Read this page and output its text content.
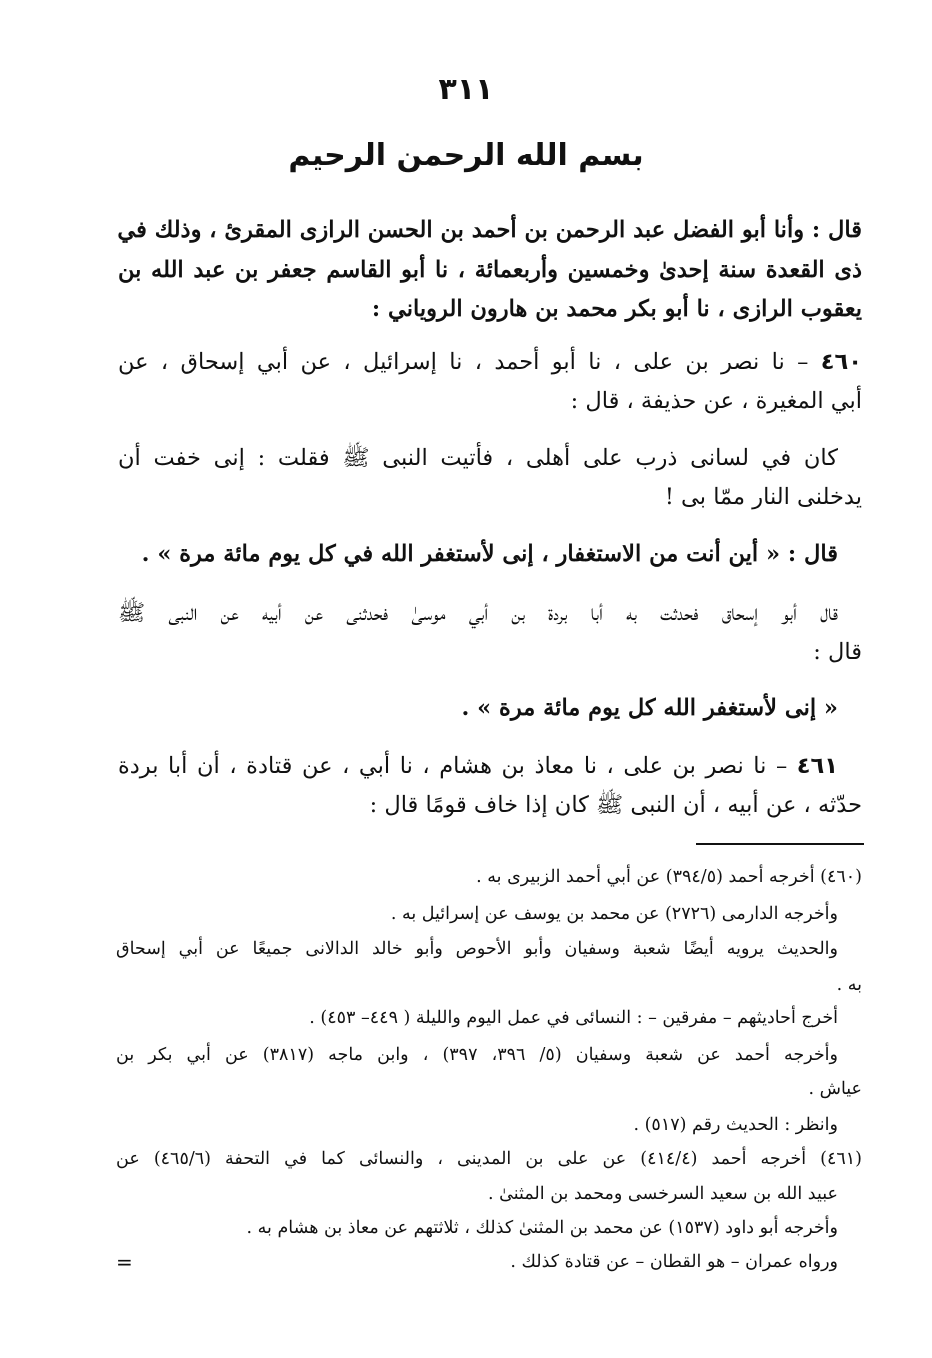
٣١١
بسم الله الرحمن الرحيم
قال : وأنا أبو الفضل عبد الرحمن بن أحمد بن الحسن الرازى المقرئ ، وذلك في
ذى القعدة سنة إحدىٰ وخمسين وأربعمائة ، نا أبو القاسم جعفر بن عبد الله بن
يعقوب الرازى ، نا أبو بكر محمد بن هارون الروياني :
٤٦٠ – نا نصر بن على ، نا أبو أحمد ، نا إسرائيل ، عن أبي إسحاق ، عن
أبي المغيرة ، عن حذيفة ، قال :
كان في لسانى ذرب على أهلى ، فأتيت النبى ﷺ فقلت : إنى خفت أن
يدخلنى النار ممّا بى !
قال : « أين أنت من الاستغفار ، إنى لأستغفر الله في كل يوم مائة مرة » .
قال أبو إسحاق فحدثت به أبا بردة بن أبي موسىٰ فحدثنى عن أبيه عن النبى ﷺ
قال :
« إنى لأستغفر الله كل يوم مائة مرة » .
٤٦١ – نا نصر بن على ، نا معاذ بن هشام ، نا أبي ، عن قتادة ، أن أبا بردة
حدّثه ، عن أبيه ، أن النبى ﷺ كان إذا خاف قومًا قال :
(٤٦٠) أخرجه أحمد (٣٩٤/٥) عن أبي أحمد الزبيرى به .
وأخرجه الدارمى (٢٧٢٦) عن محمد بن يوسف عن إسرائيل به .
والحديث يرويه أيضًا شعبة وسفيان وأبو الأحوص وأبو خالد الدالانى جميعًا عن أبي إسحاق
به .
أخرج أحاديثهم – مفرقين – : النسائى في عمل اليوم والليلة ( ٤٤٩– ٤٥٣) .
وأخرجه أحمد عن شعبة وسفيان (٥/ ٣٩٦، ٣٩٧) ، وابن ماجه (٣٨١٧) عن أبي بكر بن
عياش .
وانظر : الحديث رقم (٥١٧) .
(٤٦١) أخرجه أحمد (٤١٤/٤) عن على بن المدينى ، والنسائى كما في التحفة (٤٦٥/٦) عن
عبيد الله بن سعيد السرخسى ومحمد بن المثنىٰ .
وأخرجه أبو داود (١٥٣٧) عن محمد بن المثنىٰ كذلك ، ثلاثتهم عن معاذ بن هشام به .
ورواه عمران – هو القطان – عن قتادة كذلك .
=
